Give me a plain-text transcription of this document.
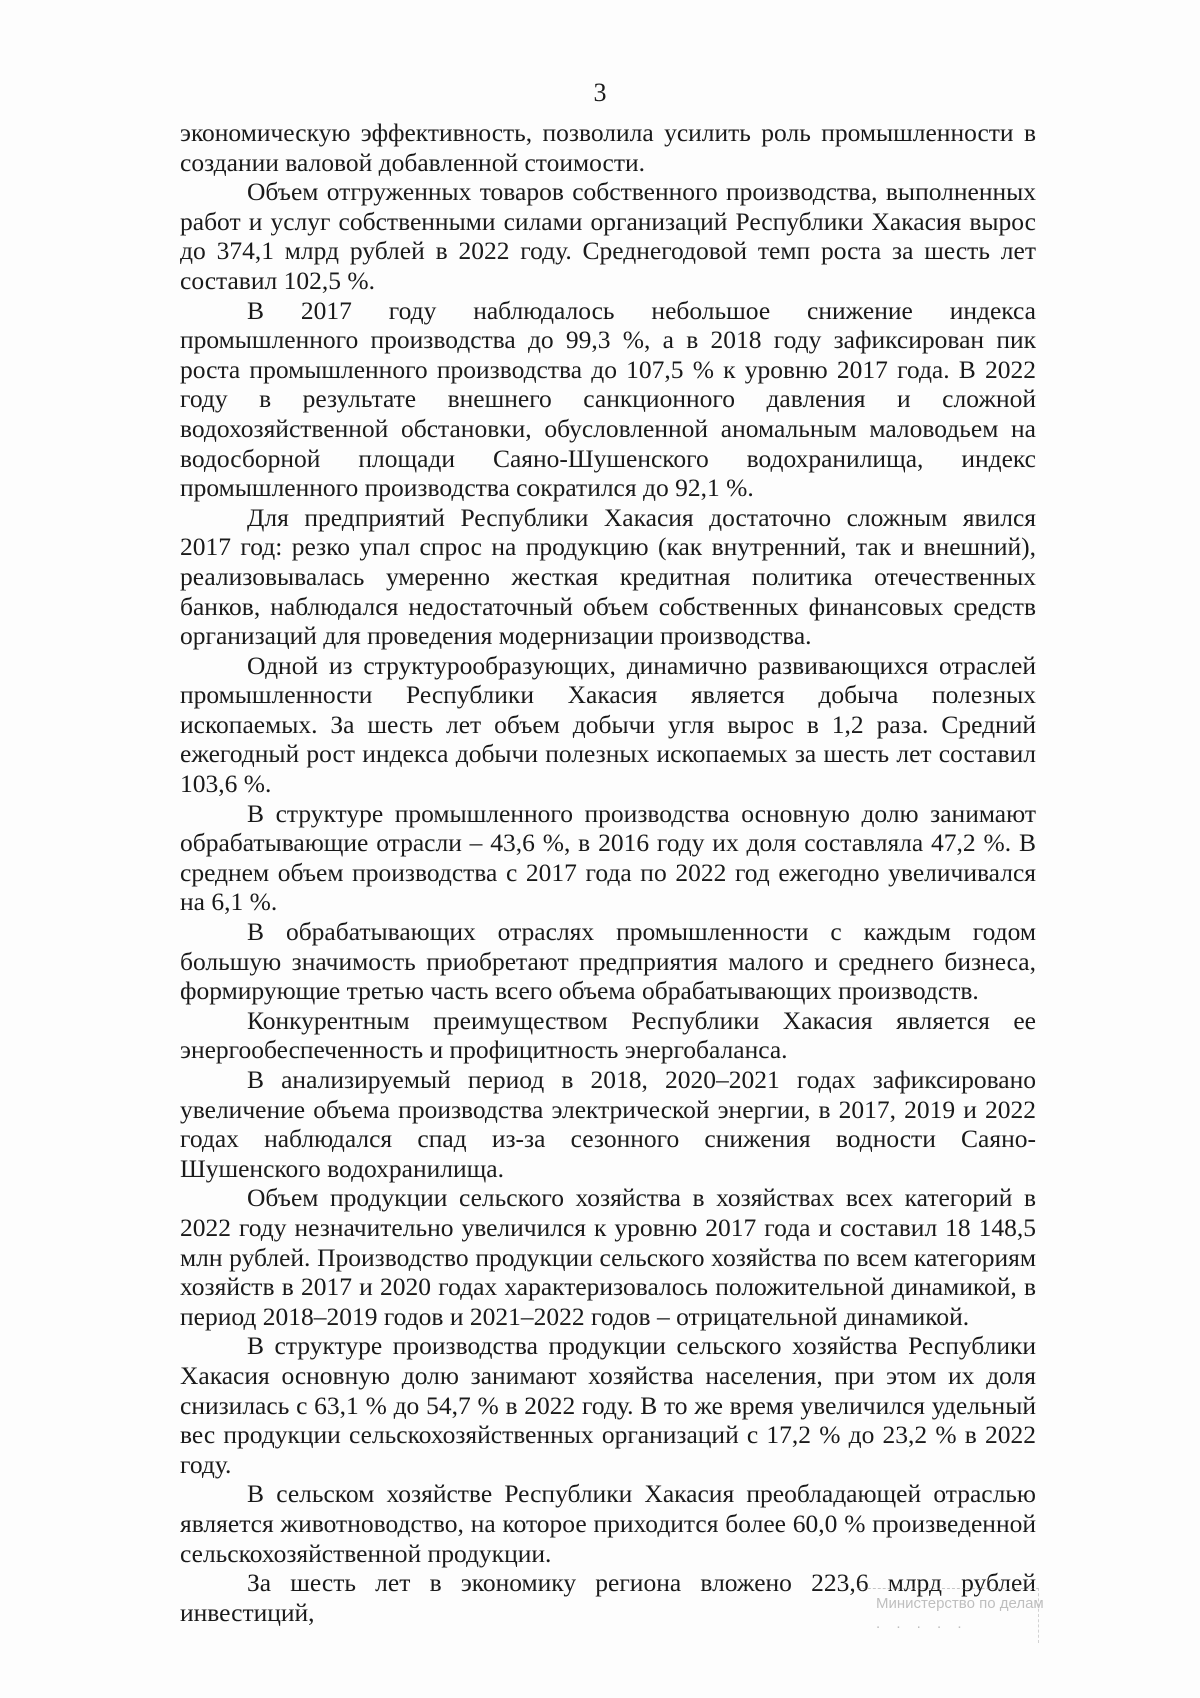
3

экономическую эффективность, позволила усилить роль промышленности в создании валовой добавленной стоимости.

Объем отгруженных товаров собственного производства, выполненных работ и услуг собственными силами организаций Республики Хакасия вырос до 374,1 млрд рублей в 2022 году. Среднегодовой темп роста за шесть лет составил 102,5 %.

В 2017 году наблюдалось небольшое снижение индекса промышленного производства до 99,3 %, а в 2018 году зафиксирован пик роста промышленного производства до 107,5 % к уровню 2017 года. В 2022 году в результате внешнего санкционного давления и сложной водохозяйственной обстановки, обусловленной аномальным маловодьем на водосборной площади Саяно-Шушенского водохранилища, индекс промышленного производства сократился до 92,1 %.

Для предприятий Республики Хакасия достаточно сложным явился 2017 год: резко упал спрос на продукцию (как внутренний, так и внешний), реализовывалась умеренно жесткая кредитная политика отечественных банков, наблюдался недостаточный объем собственных финансовых средств организаций для проведения модернизации производства.

Одной из структурообразующих, динамично развивающихся отраслей промышленности Республики Хакасия является добыча полезных ископаемых. За шесть лет объем добычи угля вырос в 1,2 раза. Средний ежегодный рост индекса добычи полезных ископаемых за шесть лет составил 103,6 %.

В структуре промышленного производства основную долю занимают обрабатывающие отрасли – 43,6 %, в 2016 году их доля составляла 47,2 %. В среднем объем производства с 2017 года по 2022 год ежегодно увеличивался на 6,1 %.

В обрабатывающих отраслях промышленности с каждым годом большую значимость приобретают предприятия малого и среднего бизнеса, формирующие третью часть всего объема обрабатывающих производств.

Конкурентным преимуществом Республики Хакасия является ее энергообеспеченность и профицитность энергобаланса.

В анализируемый период в 2018, 2020–2021 годах зафиксировано увеличение объема производства электрической энергии, в 2017, 2019 и 2022 годах наблюдался спад из-за сезонного снижения водности Саяно-Шушенского водохранилища.

Объем продукции сельского хозяйства в хозяйствах всех категорий в 2022 году незначительно увеличился к уровню 2017 года и составил 18 148,5 млн рублей. Производство продукции сельского хозяйства по всем категориям хозяйств в 2017 и 2020 годах характеризовалось положительной динамикой, в период 2018–2019 годов и 2021–2022 годов – отрицательной динамикой.

В структуре производства продукции сельского хозяйства Республики Хакасия основную долю занимают хозяйства населения, при этом их доля снизилась с 63,1 % до 54,7 % в 2022 году. В то же время увеличился удельный вес продукции сельскохозяйственных организаций с 17,2 % до 23,2 % в 2022 году.

В сельском хозяйстве Республики Хакасия преобладающей отраслью является животноводство, на которое приходится более 60,0 % произведенной сельскохозяйственной продукции.

За шесть лет в экономику региона вложено 223,6 млрд рублей инвестиций,	Министерство по делам
. . . . .
